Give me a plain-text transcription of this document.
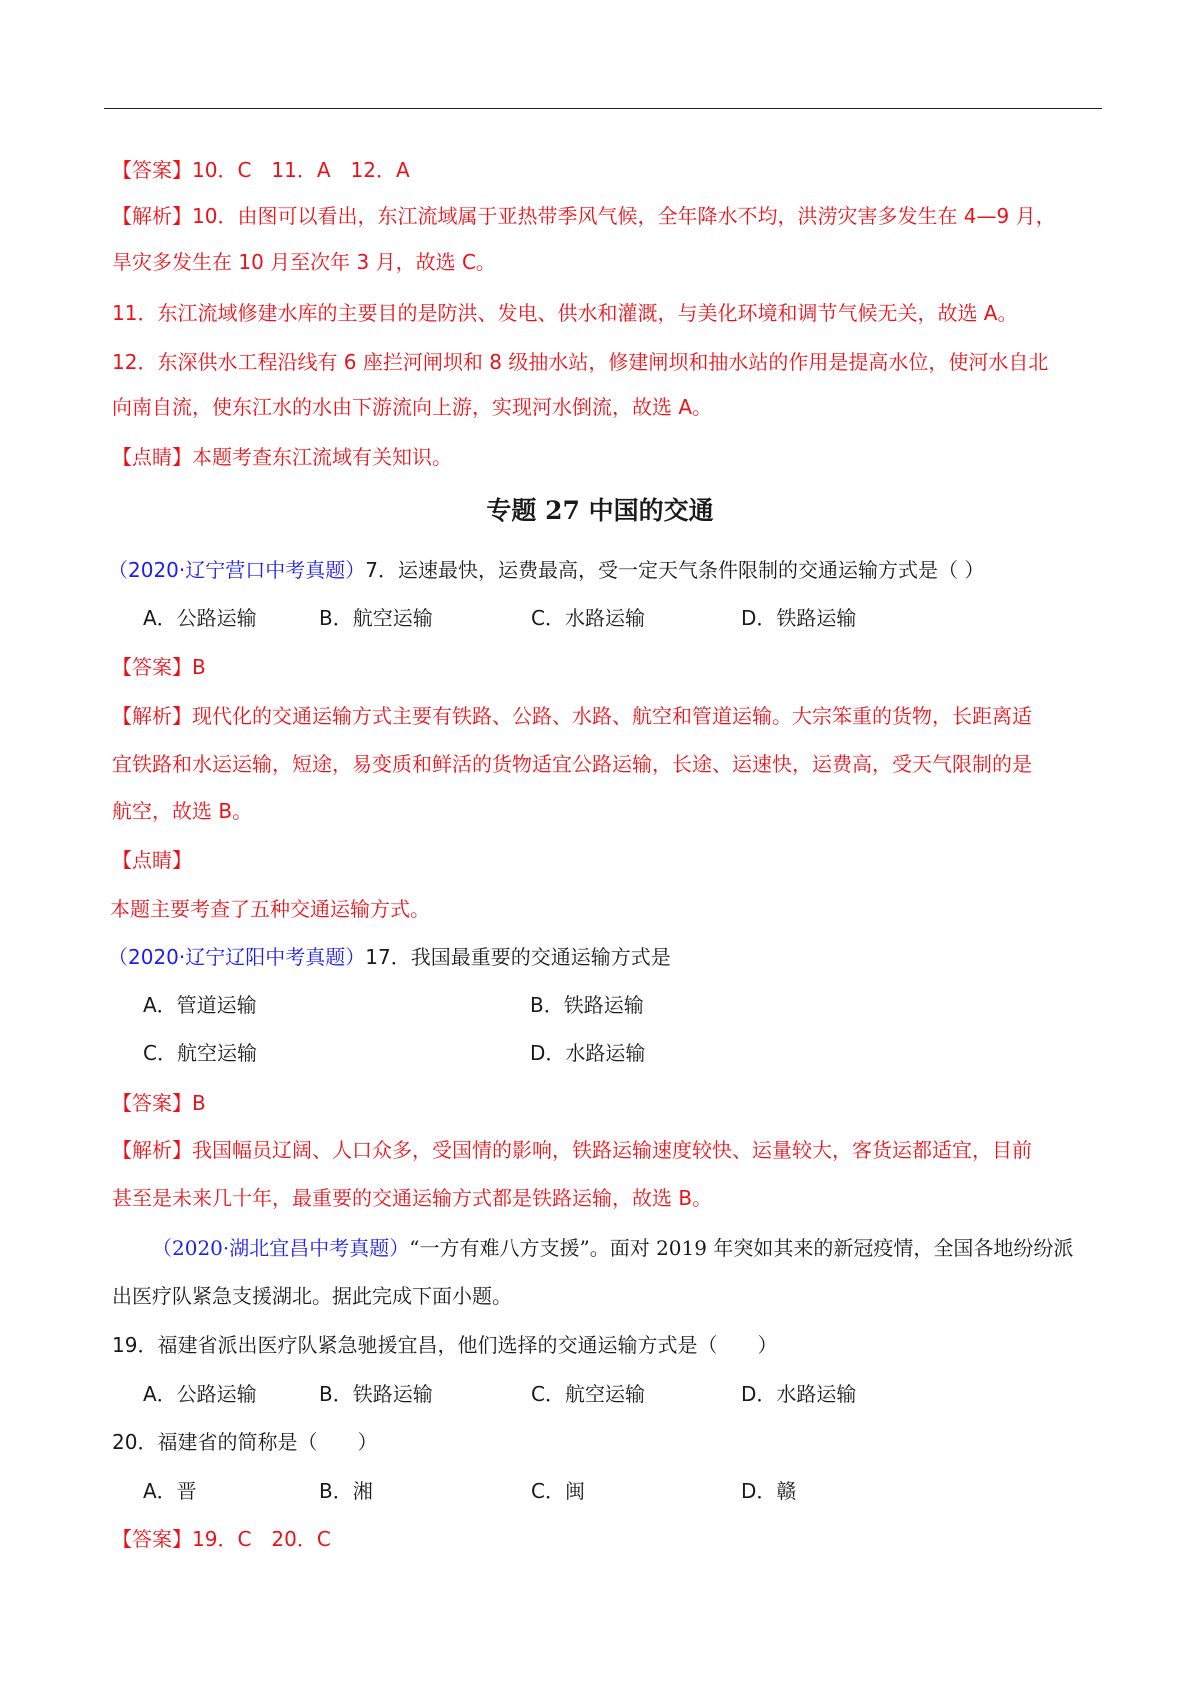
【答案】10．C　11．A　12．A
【解析】10．由图可以看出，东江流域属于亚热带季风气候，全年降水不均，洪涝灾害多发生在 4—9 月，
旱灾多发生在 10 月至次年 3 月，故选 C。
11．东江流域修建水库的主要目的是防洪、发电、供水和灌溉，与美化环境和调节气候无关，故选 A。
12．东深供水工程沿线有 6 座拦河闸坝和 8 级抽水站，修建闸坝和抽水站的作用是提高水位，使河水自北
向南自流，使东江水的水由下游流向上游，实现河水倒流，故选 A。
【点睛】本题考查东江流域有关知识。
专题 27 中国的交通
（2020·辽宁营口中考真题）7．运速最快，运费最高，受一定天气条件限制的交通运输方式是（ ）
A．公路运输	B．航空运输	C．水路运输	D．铁路运输
【答案】B
【解析】现代化的交通运输方式主要有铁路、公路、水路、航空和管道运输。大宗笨重的货物，长距离适
宜铁路和水运运输，短途，易变质和鲜活的货物适宜公路运输，长途、运速快，运费高，受天气限制的是
航空，故选 B。
【点睛】
本题主要考查了五种交通运输方式。
（2020·辽宁辽阳中考真题）17．我国最重要的交通运输方式是
A．管道运输	B．铁路运输
C．航空运输	D．水路运输
【答案】B
【解析】我国幅员辽阔、人口众多，受国情的影响，铁路运输速度较快、运量较大，客货运都适宜，目前
甚至是未来几十年，最重要的交通运输方式都是铁路运输，故选 B。
（2020·湖北宜昌中考真题）“一方有难八方支援”。面对 2019 年突如其来的新冠疫情，全国各地纷纷派
出医疗队紧急支援湖北。据此完成下面小题。
19．福建省派出医疗队紧急驰援宜昌，他们选择的交通运输方式是（　　）
A．公路运输	B．铁路运输	C．航空运输	D．水路运输
20．福建省的简称是（　　）
A．晋	B．湘	C．闽	D．赣
【答案】19．C　20．C
